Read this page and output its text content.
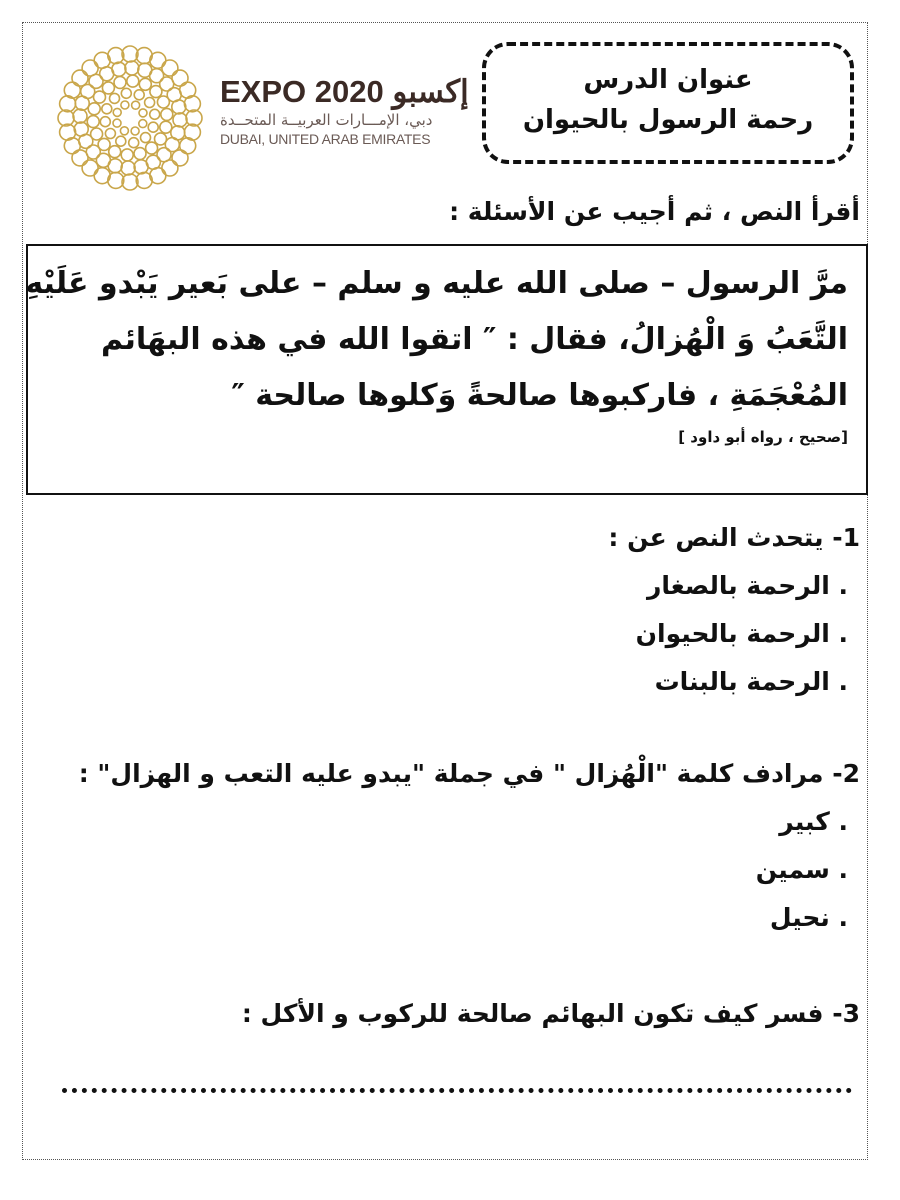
EXPO 2020 إكسبو
دبي، الإمـــارات العربيــة المتحــدة
DUBAI, UNITED ARAB EMIRATES
عنوان الدرس
رحمة الرسول بالحيوان
أقرأ النص ، ثم أجيب عن الأسئلة :
مرَّ الرسول – صلى الله عليه و سلم – على بَعير يَبْدو عَلَيْهِ
التَّعَبُ وَ الْهُزالُ، فقال : ″ اتقوا الله في هذه البهَائم
المُعْجَمَةِ ، فاركبوها صالحةً وَكلوها صالحة ″
[صحيح ، رواه أبو داود ]
1- يتحدث النص عن :
. الرحمة بالصغار
. الرحمة بالحيوان
. الرحمة بالبنات
2- مرادف كلمة "الْهُزال " في جملة "يبدو عليه التعب و الهزال" :
. كبير
. سمين
. نحيل
3- فسر كيف تكون البهائم صالحة للركوب و الأكل :
